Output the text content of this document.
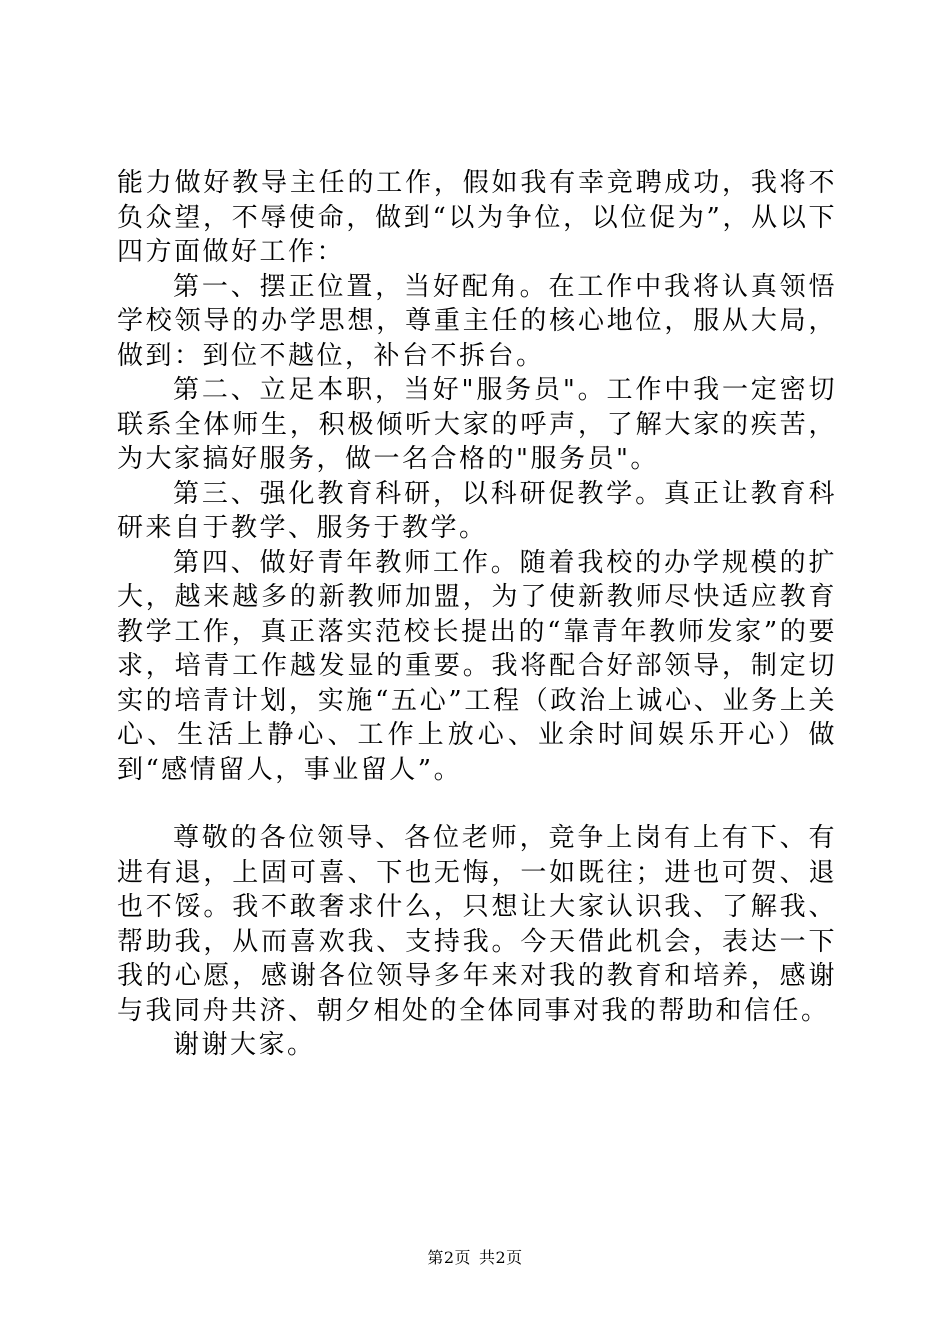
能力做好教导主任的工作，假如我有幸竞聘成功，我将不负众望，不辱使命，做到“以为争位，以位促为”，从以下四方面做好工作：

第一、摆正位置，当好配角。在工作中我将认真领悟学校领导的办学思想，尊重主任的核心地位，服从大局，做到：到位不越位，补台不拆台。

第二、立足本职，当好"服务员"。工作中我一定密切联系全体师生，积极倾听大家的呼声，了解大家的疾苦，为大家搞好服务，做一名合格的"服务员"。

第三、强化教育科研，以科研促教学。真正让教育科研来自于教学、服务于教学。

第四、做好青年教师工作。随着我校的办学规模的扩大，越来越多的新教师加盟，为了使新教师尽快适应教育教学工作，真正落实范校长提出的“靠青年教师发家”的要求，培青工作越发显的重要。我将配合好部领导，制定切实的培青计划，实施“五心”工程（政治上诚心、业务上关心、生活上静心、工作上放心、业余时间娱乐开心）做到“感情留人，事业留人”。

尊敬的各位领导、各位老师，竞争上岗有上有下、有进有退，上固可喜、下也无悔，一如既往；进也可贺、退也不馁。我不敢奢求什么，只想让大家认识我、了解我、帮助我，从而喜欢我、支持我。今天借此机会，表达一下我的心愿，感谢各位领导多年来对我的教育和培养，感谢与我同舟共济、朝夕相处的全体同事对我的帮助和信任。

谢谢大家。

第2页 共2页
